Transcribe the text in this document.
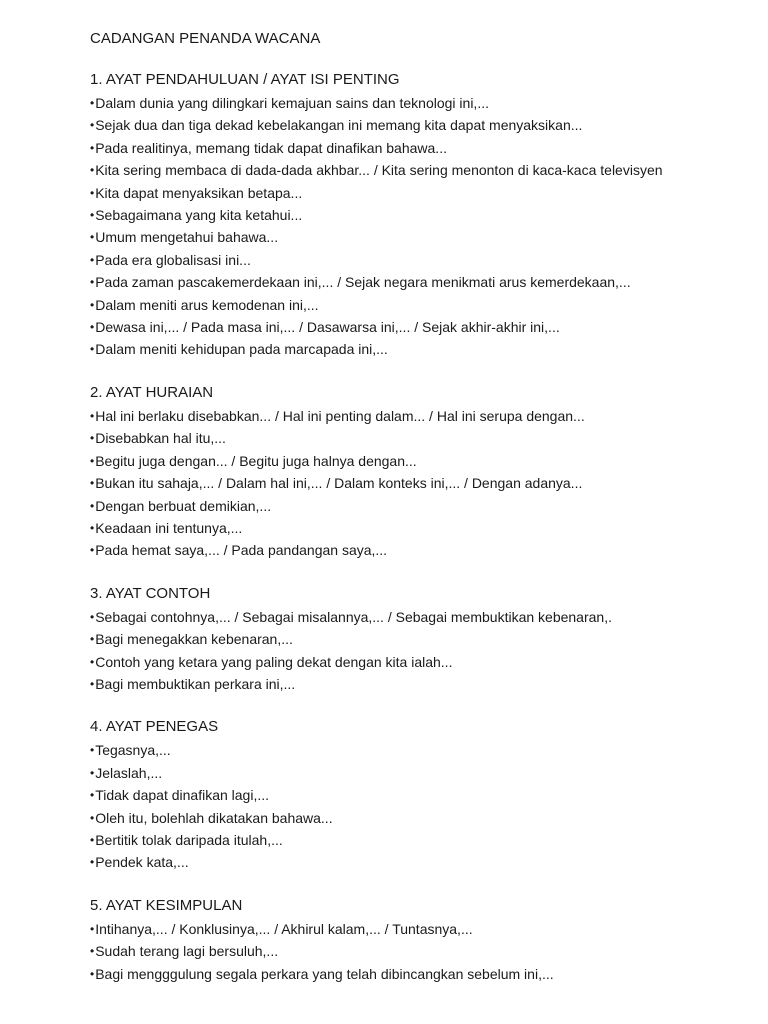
CADANGAN PENANDA WACANA
1. AYAT PENDAHULUAN / AYAT ISI PENTING
•Dalam dunia yang dilingkari kemajuan sains dan teknologi ini,...
•Sejak dua dan tiga dekad kebelakangan ini memang kita dapat menyaksikan...
•Pada realitinya, memang tidak dapat dinafikan bahawa...
•Kita sering membaca di dada-dada akhbar... / Kita sering menonton di kaca-kaca televisyen
•Kita dapat menyaksikan betapa...
•Sebagaimana yang kita ketahui...
•Umum mengetahui bahawa...
•Pada era globalisasi ini...
•Pada zaman pascakemerdekaan ini,... / Sejak negara menikmati arus kemerdekaan,...
•Dalam meniti arus kemodenan ini,...
•Dewasa ini,... / Pada masa ini,... / Dasawarsa ini,... / Sejak akhir-akhir ini,...
•Dalam meniti kehidupan pada marcapada ini,...
2. AYAT HURAIAN
•Hal ini berlaku disebabkan... / Hal ini penting dalam... / Hal ini serupa dengan...
•Disebabkan hal itu,...
•Begitu juga dengan... / Begitu juga halnya dengan...
•Bukan itu sahaja,... / Dalam hal ini,... / Dalam konteks ini,... / Dengan adanya...
•Dengan berbuat demikian,...
•Keadaan ini tentunya,...
•Pada hemat saya,... / Pada pandangan saya,...
3. AYAT CONTOH
•Sebagai contohnya,... / Sebagai misalannya,... / Sebagai membuktikan kebenaran,.
•Bagi menegakkan kebenaran,...
•Contoh yang ketara yang paling dekat dengan kita ialah...
•Bagi membuktikan perkara ini,...
4. AYAT PENEGAS
•Tegasnya,...
•Jelaslah,...
•Tidak dapat dinafikan lagi,...
•Oleh itu, bolehlah dikatakan bahawa...
•Bertitik tolak daripada itulah,...
•Pendek kata,...
5. AYAT KESIMPULAN
•Intihanya,... / Konklusinya,... / Akhirul kalam,... / Tuntasnya,...
•Sudah terang lagi bersuluh,...
•Bagi mengggulung segala perkara yang telah dibincangkan sebelum ini,...
